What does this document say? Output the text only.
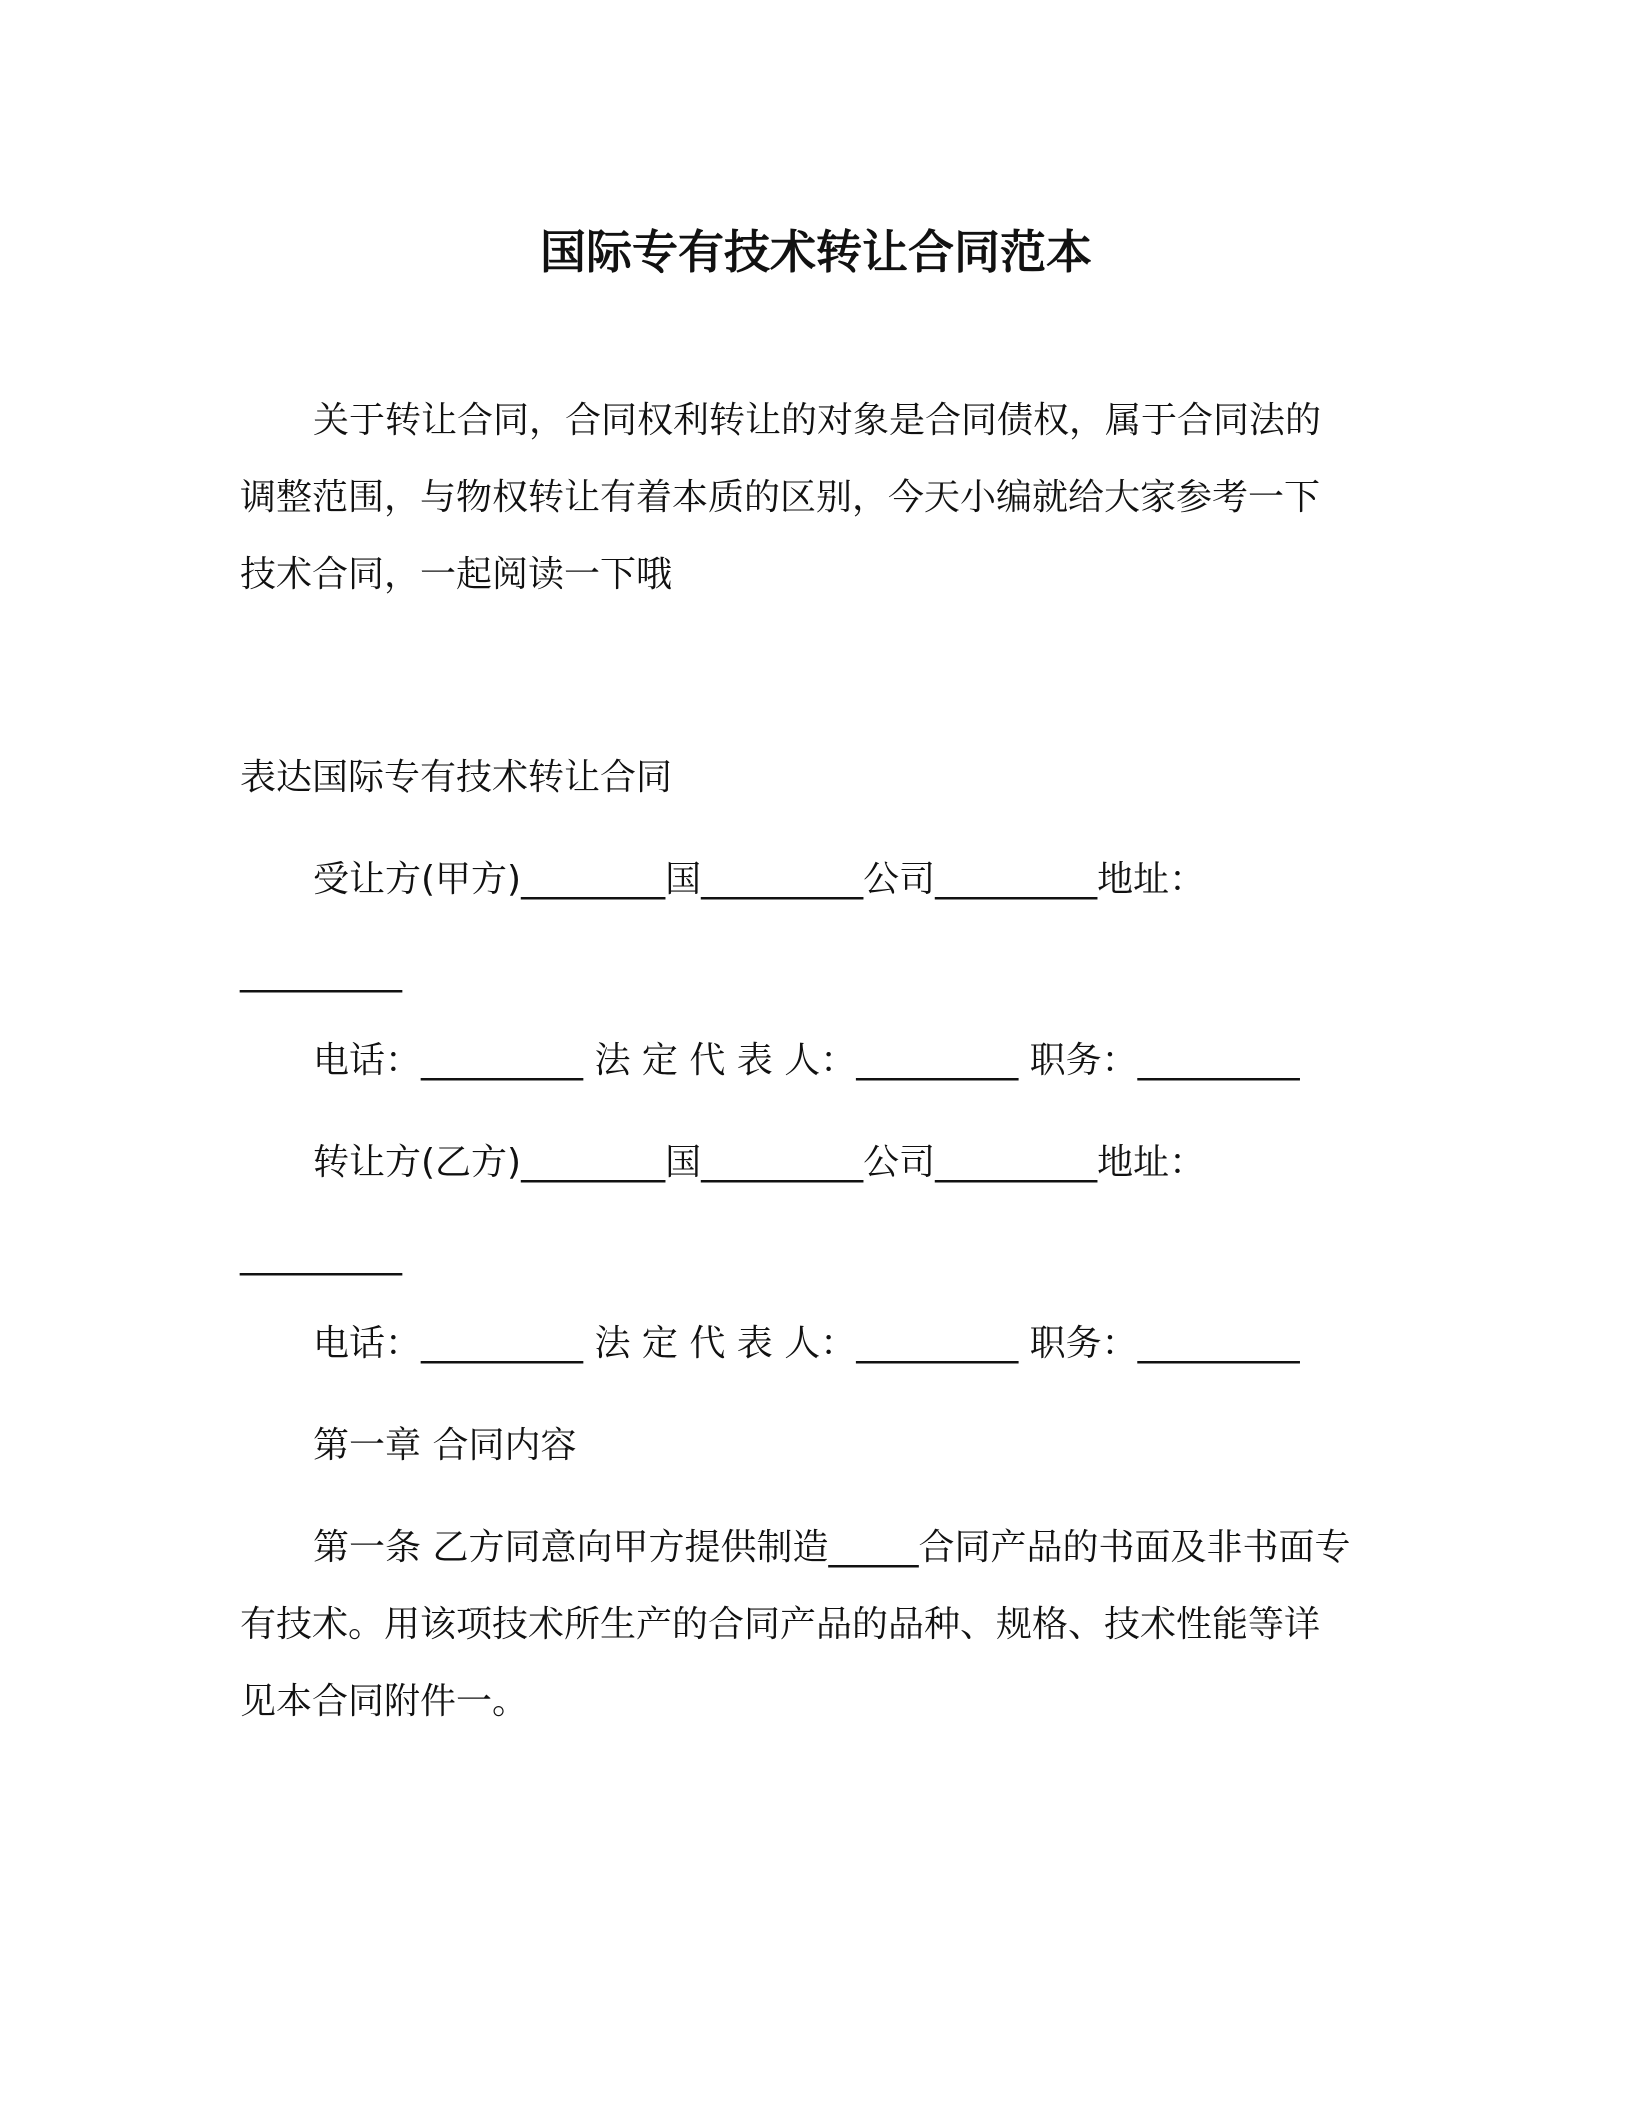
国际专有技术转让合同范本
关于转让合同，合同权利转让的对象是合同债权，属于合同法的
调整范围，与物权转让有着本质的区别，今天小编就给大家参考一下
技术合同，一起阅读一下哦
表达国际专有技术转让合同
受让方(甲方)________国_________公司_________地址：
_________
电话：_________ 法 定 代 表 人：_________ 职务：_________
转让方(乙方)________国_________公司_________地址：
_________
电话：_________ 法 定 代 表 人：_________ 职务：_________
第一章 合同内容
第一条 乙方同意向甲方提供制造_____合同产品的书面及非书面专
有技术。用该项技术所生产的合同产品的品种、规格、技术性能等详
见本合同附件一。
